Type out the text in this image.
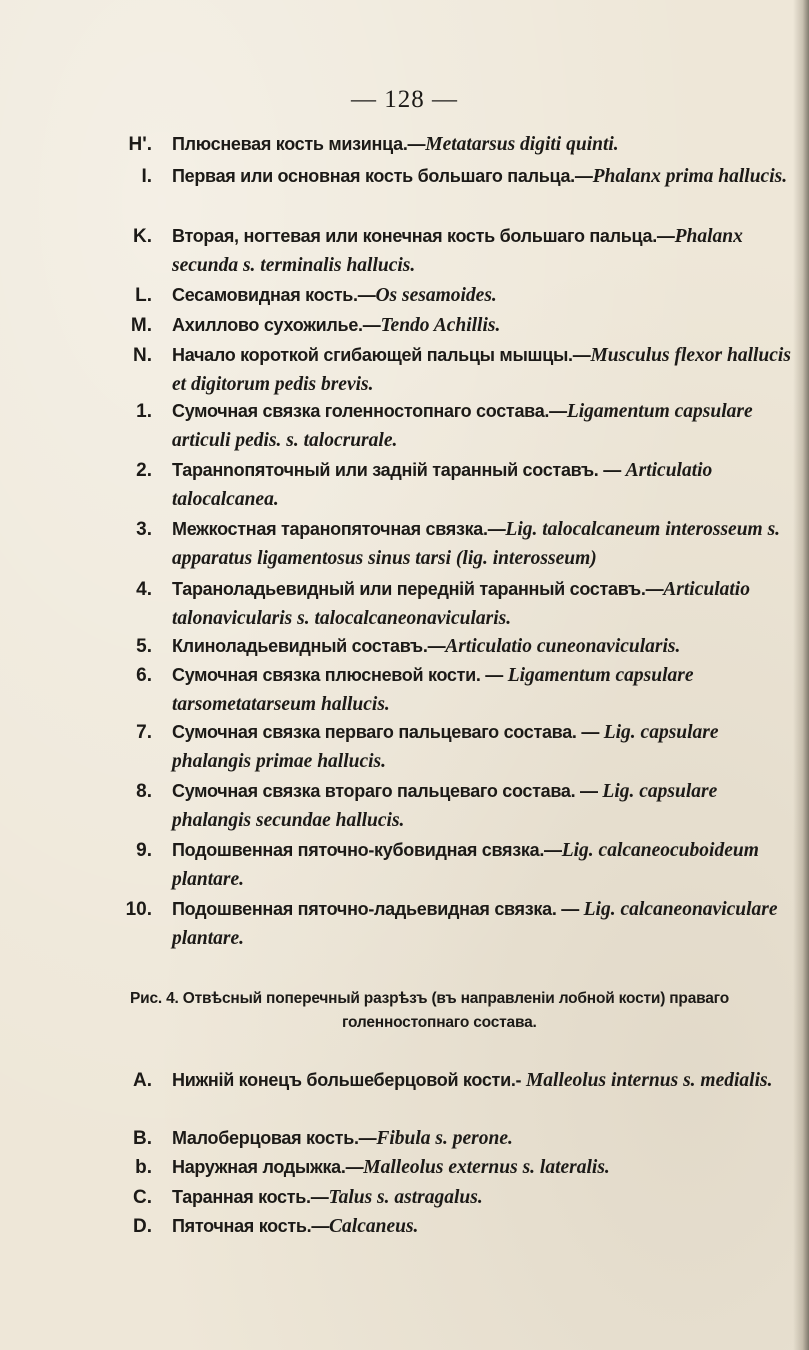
— 128 —
H'.	Плюсневая кость мизинца.—Metatarsus digiti quinti.
I.	Первая или основная кость большаго пальца.—Phalanx prima hallucis.
K.	Вторая, ногтевая или конечная кость большаго пальца.—Phalanx secunda s. terminalis hallucis.
L.	Сесамовидная кость.—Os sesamoides.
M.	Ахиллово сухожилье.—Tendo Achillis.
N.	Начало короткой сгибающей пальцы мышцы.—Musculus flexor hallucis et digitorum pedis brevis.
1.	Сумочная связка голенностопнаго состава.—Ligamentum capsulare articuli pedis. s. talocrurale.
2.	Таранnопяточный или заднiй таранный составъ. — Articulatio talocalcanea.
3.	Межкостная таранопяточная связка.—Lig. talocalcaneum interosseum s. apparatus ligamentosus sinus tarsi (lig. interosseum)
4.	Тараноладьевидный или переднiй таранный составъ.—Articulatio talonavicularis s. talocalcaneonavicularis.
5.	Клиноладьевидный составъ.—Articulatio cuneonavicularis.
6.	Сумочная связка плюсневой кости. — Ligamentum capsulare tarsometatarseum hallucis.
7.	Сумочная связка перваго пальцеваго состава. — Lig. capsulare phalangis primae hallucis.
8.	Сумочная связка втораго пальцеваго состава. — Lig. capsulare phalangis secundae hallucis.
9.	Подошвенная пяточно-кубовидная связка.—Lig. calcaneocuboideum plantare.
10.	Подошвенная пяточно-ладьевидная связка. — Lig. calcaneonaviculare plantare.
Рис. 4. Отвѣсный поперечный разрѣзъ (въ направленiи лобной кости) праваго
голенностопнаго состава.
A.	Нижнiй конецъ большеберцовой кости.- Malleolus internus s. medialis.
B.	Малоберцовая кость.—Fibula s. perone.
b.	Наружная лодыжка.—Malleolus externus s. lateralis.
C.	Таранная кость.—Talus s. astragalus.
D.	Пяточная кость.—Calcaneus.
